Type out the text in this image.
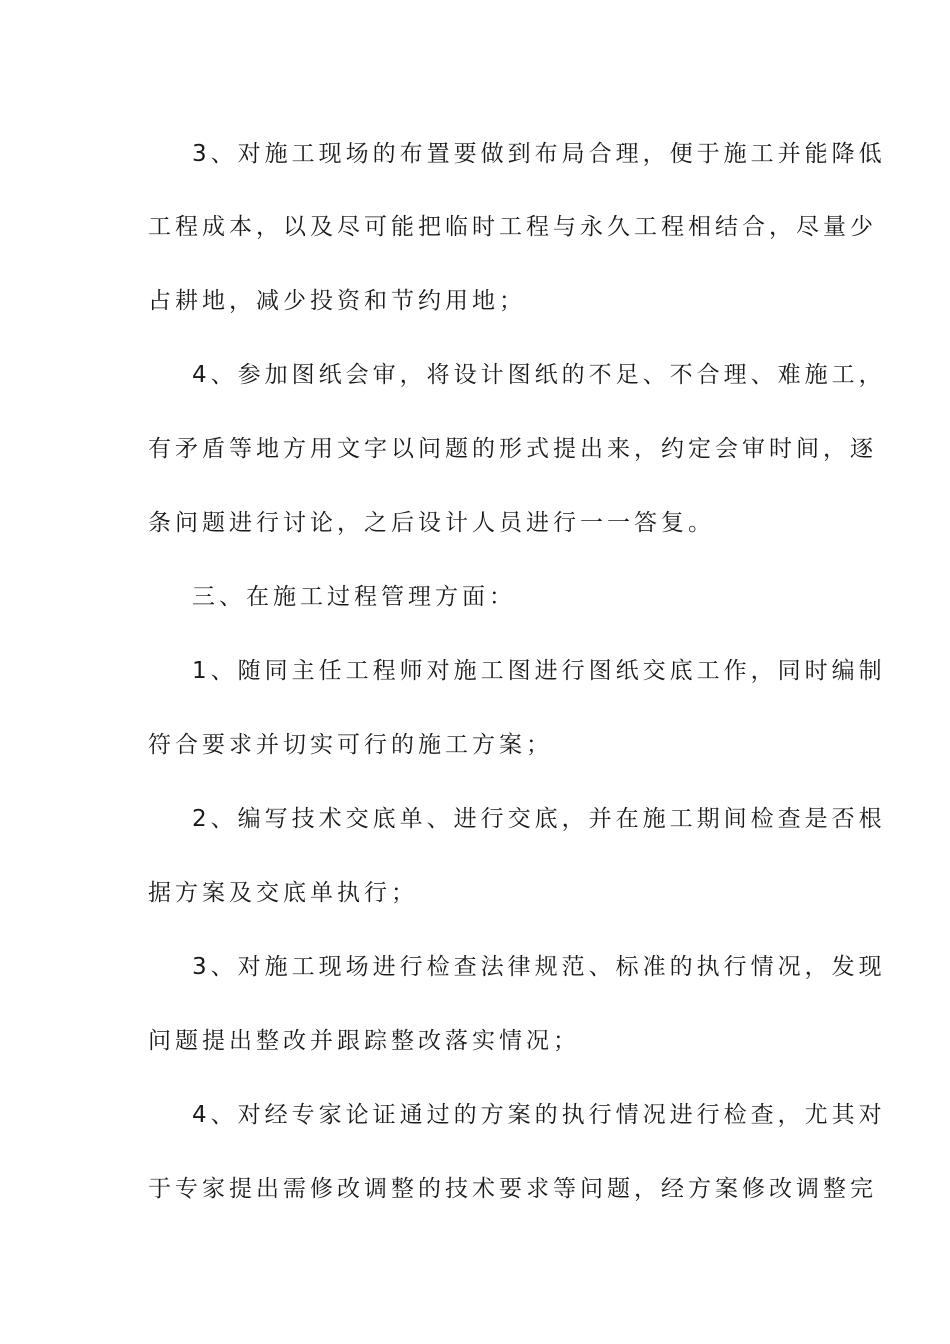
3、对施工现场的布置要做到布局合理，便于施工并能降低
工程成本，以及尽可能把临时工程与永久工程相结合，尽量少
占耕地，减少投资和节约用地；
4、参加图纸会审，将设计图纸的不足、不合理、难施工，
有矛盾等地方用文字以问题的形式提出来，约定会审时间，逐
条问题进行讨论，之后设计人员进行一一答复。
三、在施工过程管理方面：
1、随同主任工程师对施工图进行图纸交底工作，同时编制
符合要求并切实可行的施工方案；
2、编写技术交底单、进行交底，并在施工期间检查是否根
据方案及交底单执行；
3、对施工现场进行检查法律规范、标准的执行情况，发现
问题提出整改并跟踪整改落实情况；
4、对经专家论证通过的方案的执行情况进行检查，尤其对
于专家提出需修改调整的技术要求等问题，经方案修改调整完
